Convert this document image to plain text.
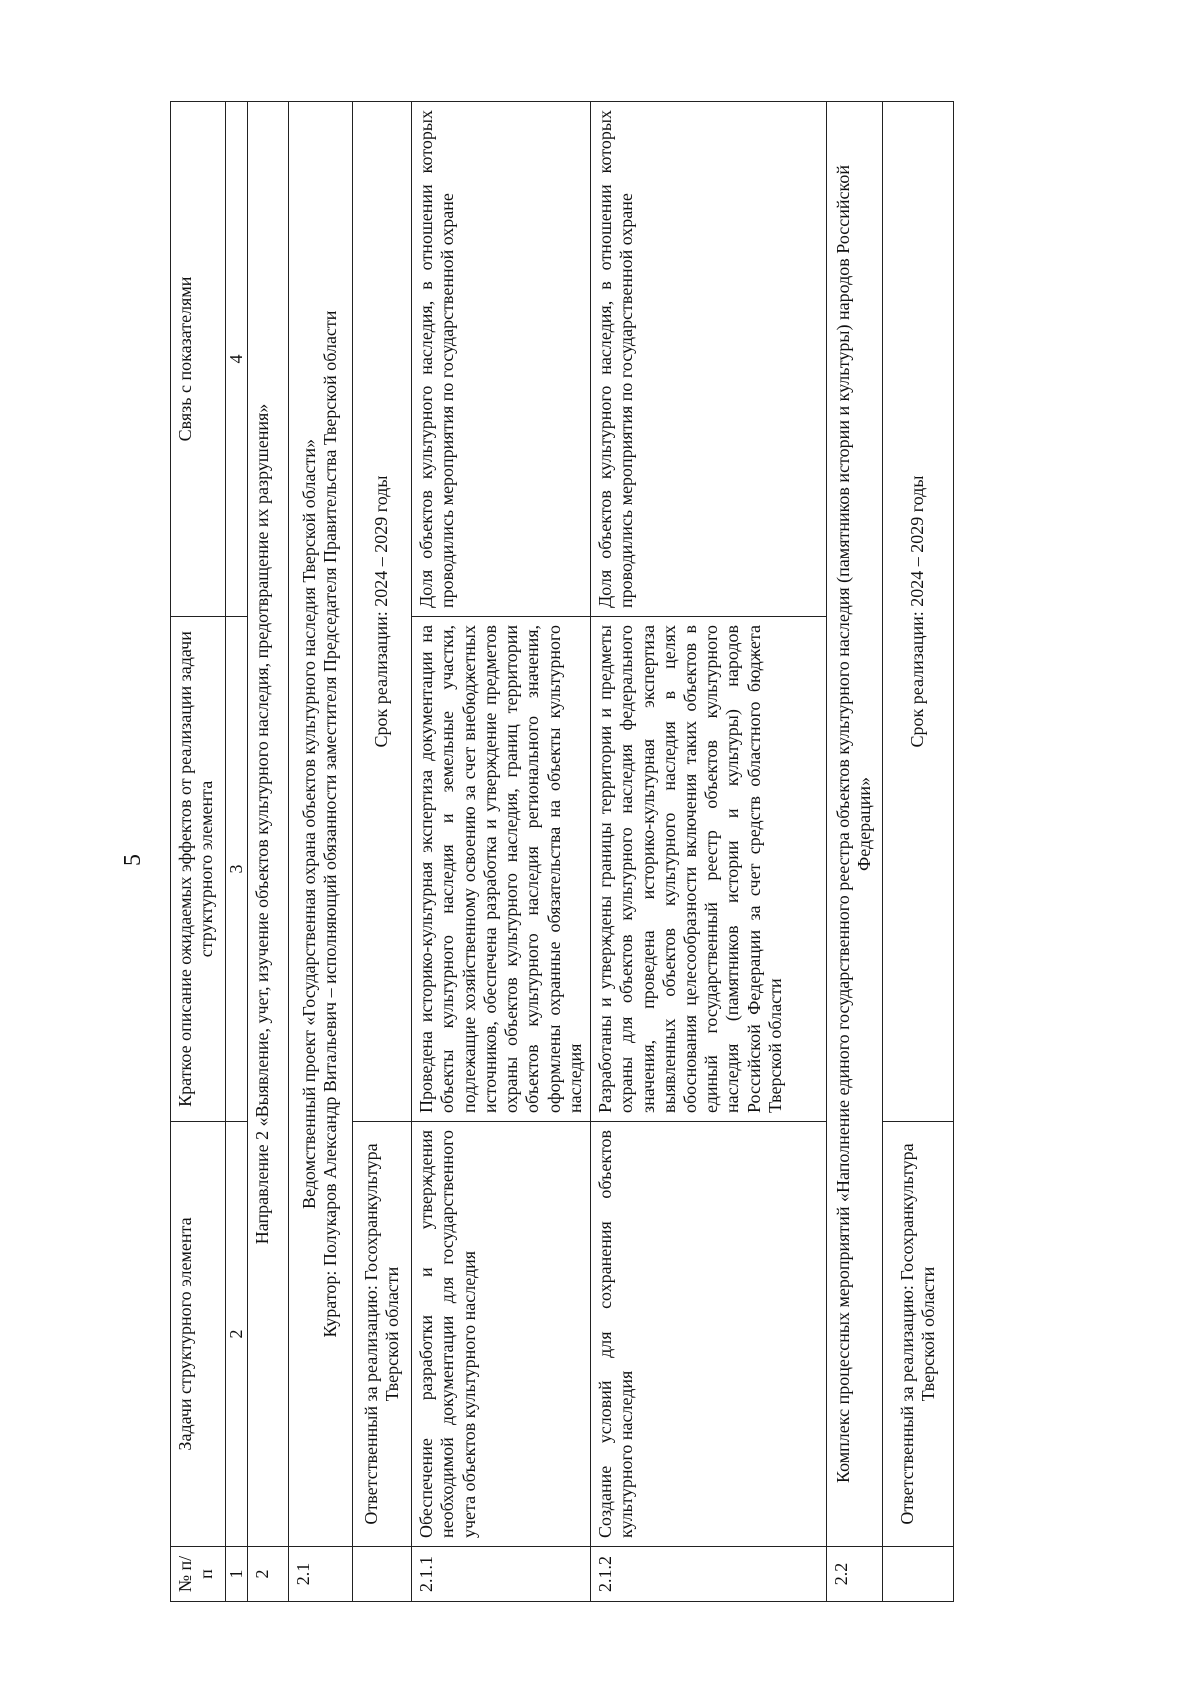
5
№ п/п	Задачи структурного элемента	Краткое описание ожидаемых эффектов от реализации задачи структурного элемента	Связь с показателями
1	2	3	4
2	Направление 2 «Выявление, учет, изучение объектов культурного наследия, предотвращение их разрушения»		
2.1	Ведомственный проект «Государственная охрана объектов культурного наследия Тверской области» Куратор: Полукаров Александр Витальевич – исполняющий обязанности заместителя Председателя Правительства Тверской области		

	Ответственный за реализацию: Госохранкультура Тверской области	Срок реализации: 2024 – 2029 годы	
2.1.1	Обеспечение разработки и утверждения необходимой документации для государственного учета объектов культурного наследия	Проведена историко-культурная экспертиза документации на объекты культурного наследия и земельные участки, подлежащие хозяйственному освоению за счет внебюджетных источников, обеспечена разработка и утверждение предметов охраны объектов культурного наследия, границ территории объектов культурного наследия регионального значения, оформлены охранные обязательства на объекты культурного наследия	Доля объектов культурного наследия, в отношении которых проводились мероприятия по государственной охране
2.1.2	Создание условий для сохранения объектов культурного наследия	Разработаны и утверждены границы территории и предметы охраны для объектов культурного наследия федерального значения, проведена историко-культурная экспертиза выявленных объектов культурного наследия в целях обоснования целесообразности включения таких объектов в единый государственный реестр объектов культурного наследия (памятников истории и культуры) народов Российской Федерации за счет средств областного бюджета Тверской области	Доля объектов культурного наследия, в отношении которых проводились мероприятия по государственной охране
2.2	Комплекс процессных мероприятий «Наполнение единого государственного реестра объектов культурного наследия (памятников истории и культуры) народов Российской Федерации»		
	Ответственный за реализацию: Госохранкультура Тверской области	Срок реализации: 2024 – 2029 годы	
